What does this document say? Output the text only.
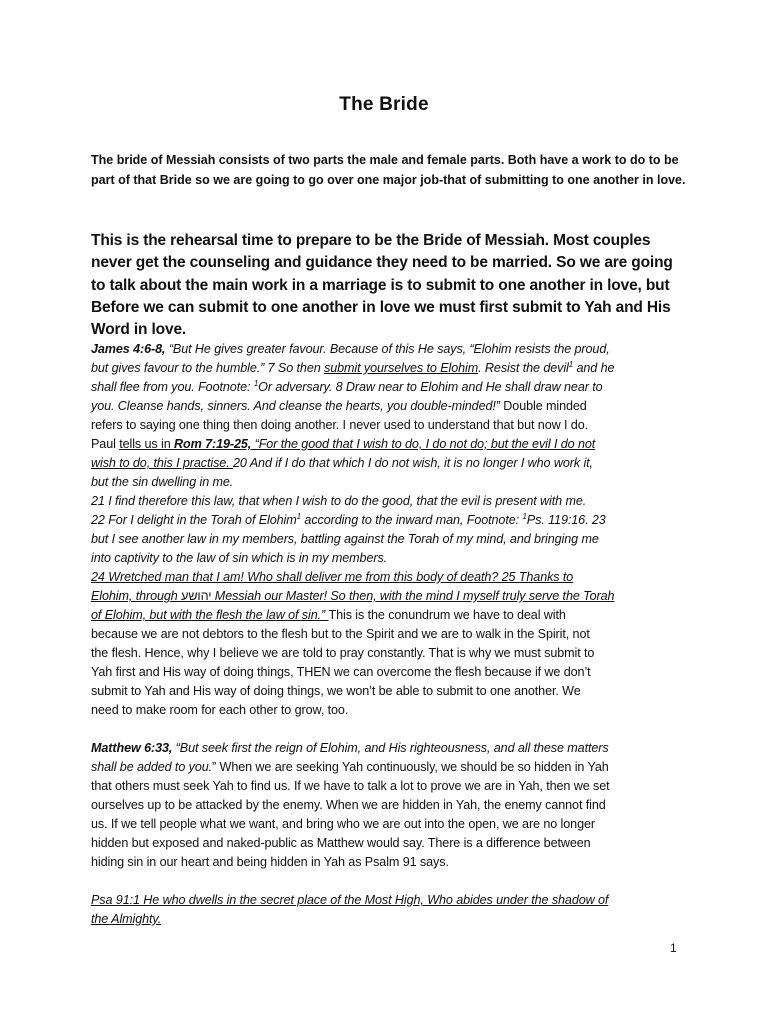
The Bride
The bride of Messiah consists of two parts the male and female parts. Both have a work to do to be part of that Bride so we are going to go over one major job-that of submitting to one another in love.
This is the rehearsal time to prepare to be the Bride of Messiah. Most couples never get the counseling and guidance they need to be married. So we are going to talk about the main work in a marriage is to submit to one another in love, but Before we can submit to one another in love we must first submit to Yah and His Word in love.
James 4:6-8, “But He gives greater favour. Because of this He says, “Elohim resists the proud,
but gives favour to the humble.” 7 So then submit yourselves to Elohim. Resist the devil$^1$ and he
shall flee from you. Footnote: $^1$Or adversary. 8 Draw near to Elohim and He shall draw near to
you. Cleanse hands, sinners. And cleanse the hearts, you double-minded!” Double minded
refers to saying one thing then doing another. I never used to understand that but now I do.
Paul tells us in Rom 7:19-25, “For the good that I wish to do, I do not do; but the evil I do not
wish to do, this I practise. 20 And if I do that which I do not wish, it is no longer I who work it,
but the sin dwelling in me.
21 I find therefore this law, that when I wish to do the good, that the evil is present with me.
22 For I delight in the Torah of Elohim$^1$ according to the inward man, Footnote: $^1$Ps. 119:16. 23
but I see another law in my members, battling against the Torah of my mind, and bringing me
into captivity to the law of sin which is in my members.
24 Wretched man that I am! Who shall deliver me from this body of death? 25 Thanks to
Elohim, through יהושע Messiah our Master! So then, with the mind I myself truly serve the Torah
of Elohim, but with the flesh the law of sin.” This is the conundrum we have to deal with
because we are not debtors to the flesh but to the Spirit and we are to walk in the Spirit, not
the flesh. Hence, why I believe we are told to pray constantly. That is why we must submit to
Yah first and His way of doing things, THEN we can overcome the flesh because if we don’t
submit to Yah and His way of doing things, we won’t be able to submit to one another. We
need to make room for each other to grow, too.
Matthew 6:33, “But seek first the reign of Elohim, and His righteousness, and all these matters
shall be added to you.” When we are seeking Yah continuously, we should be so hidden in Yah
that others must seek Yah to find us. If we have to talk a lot to prove we are in Yah, then we set
ourselves up to be attacked by the enemy. When we are hidden in Yah, the enemy cannot find
us. If we tell people what we want, and bring who we are out into the open, we are no longer
hidden but exposed and naked-public as Matthew would say. There is a difference between
hiding sin in our heart and being hidden in Yah as Psalm 91 says.
Psa 91:1 He who dwells in the secret place of the Most High, Who abides under the shadow of
the Almighty.
1
